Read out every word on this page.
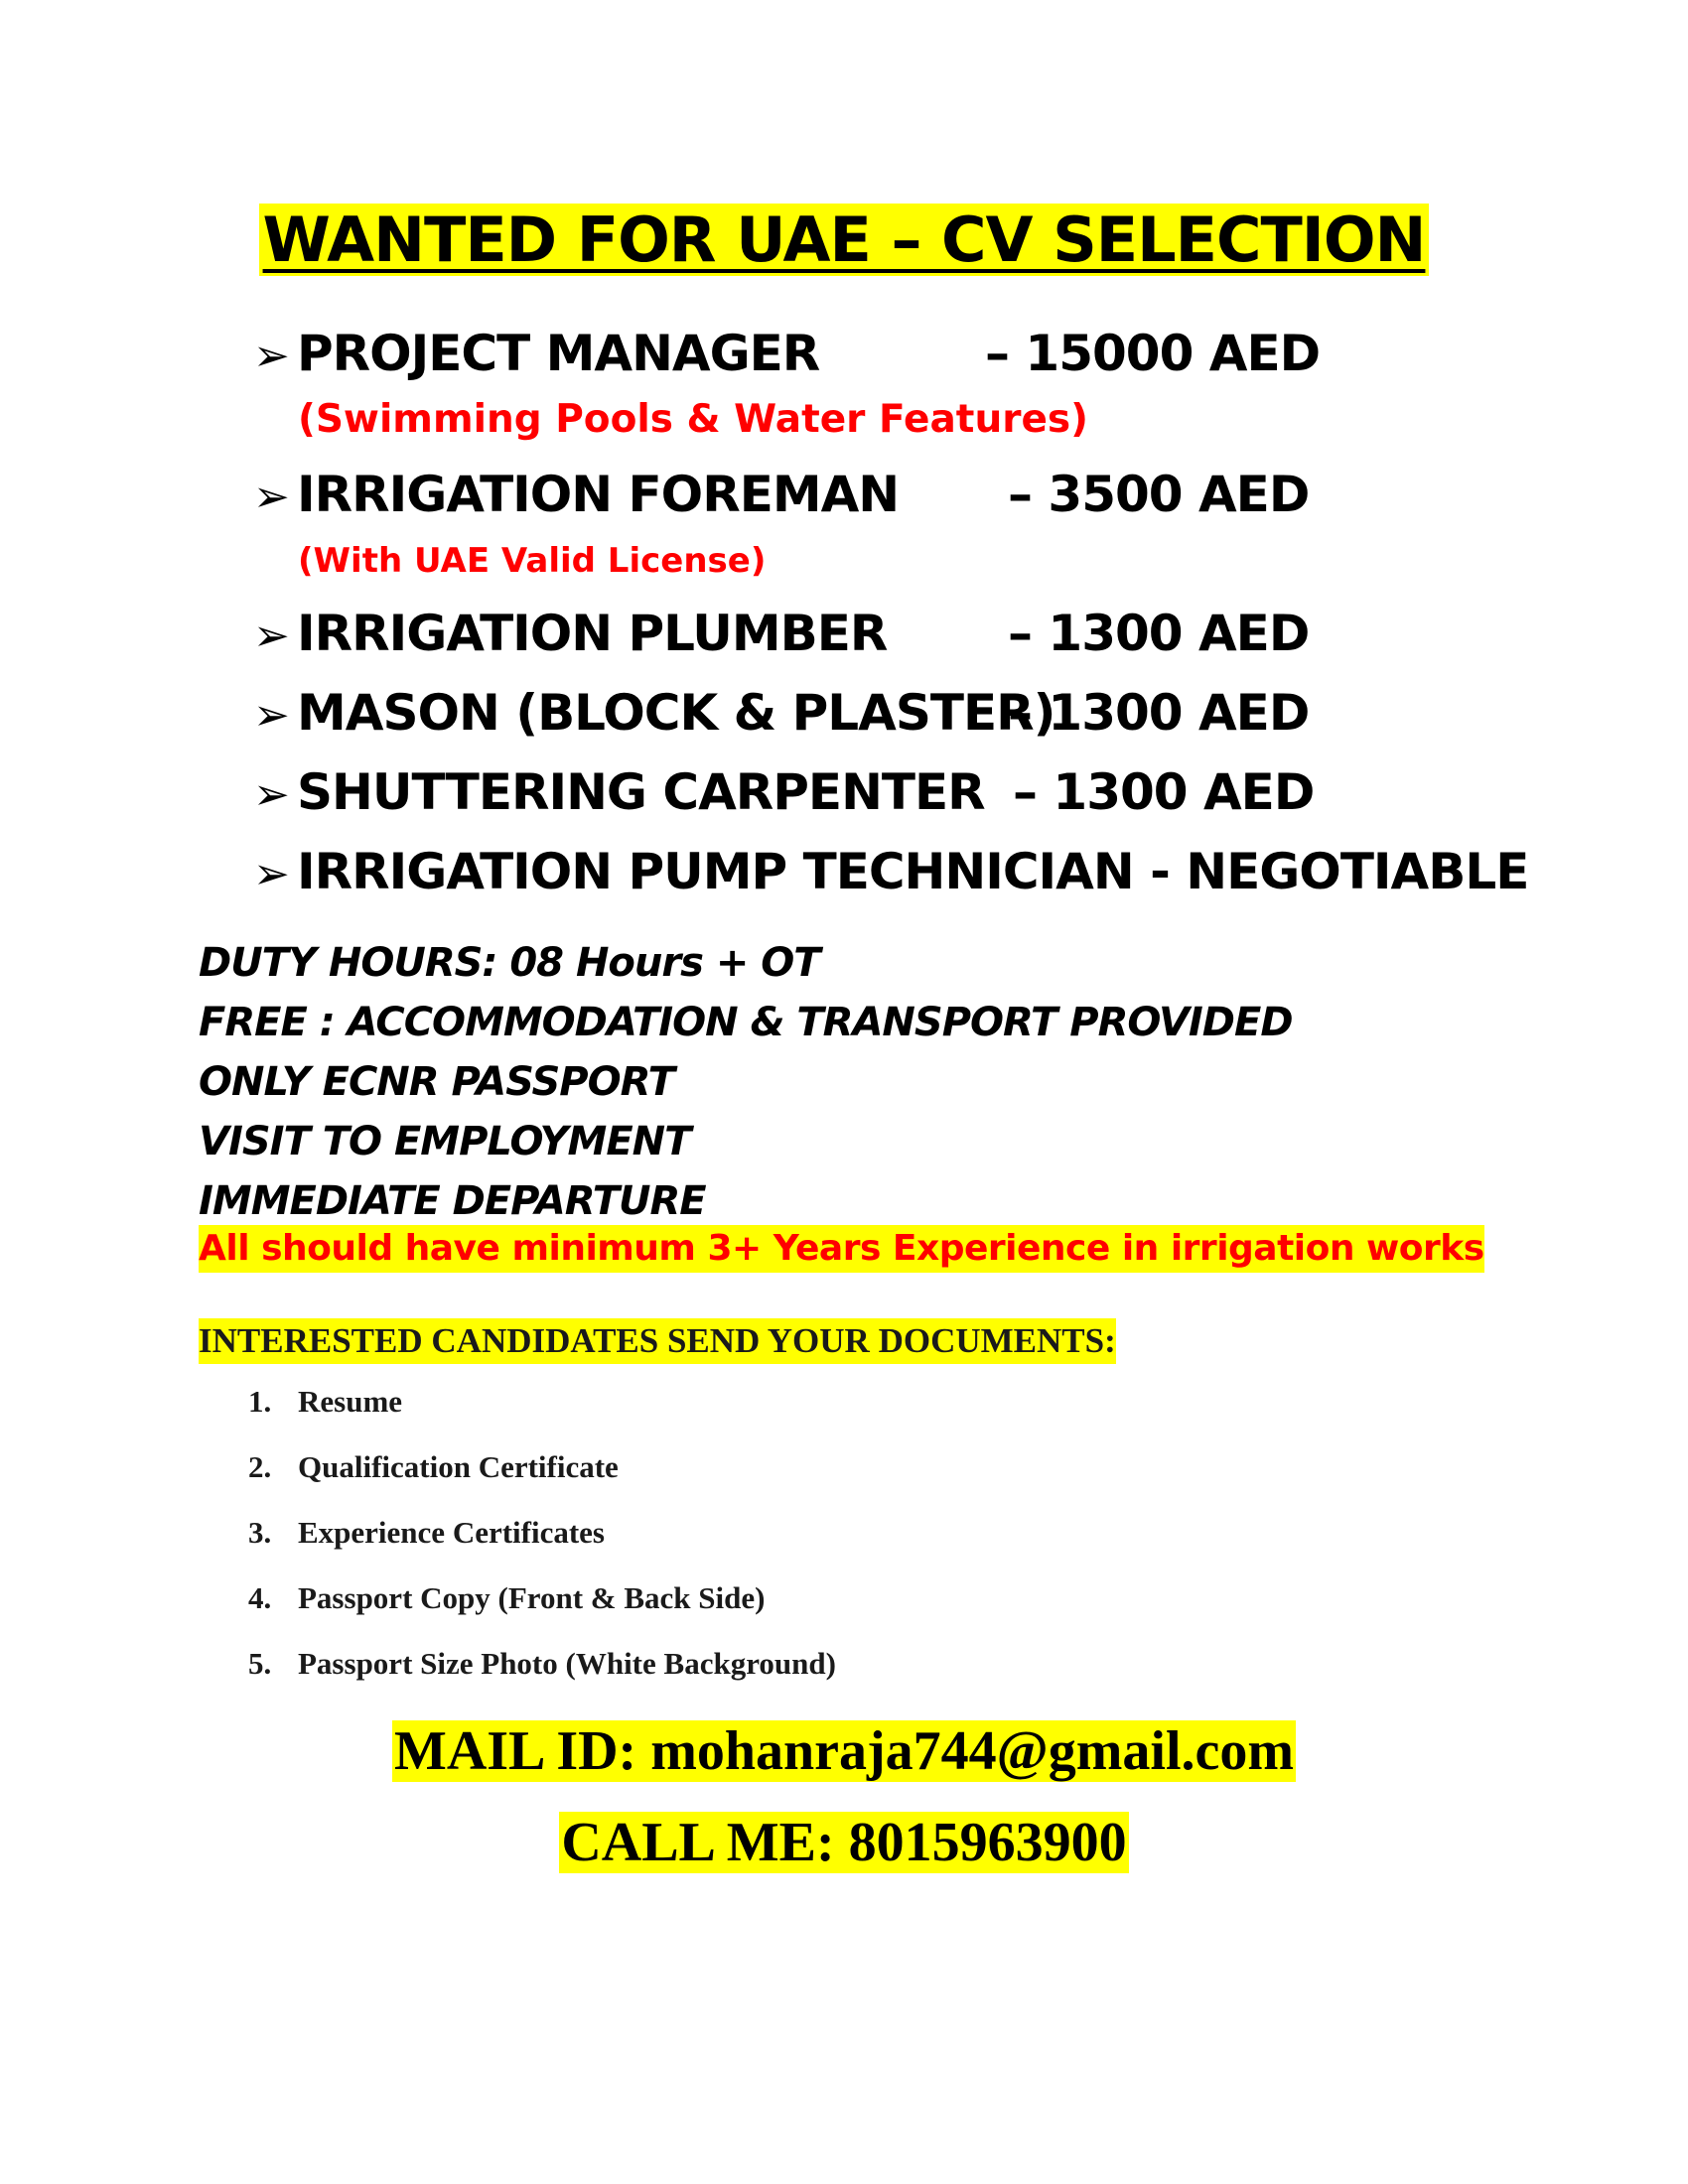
WANTED FOR UAE – CV SELECTION
➢ PROJECT MANAGER	– 15000 AED
(Swimming Pools & Water Features)
➢ IRRIGATION FOREMAN – 3500 AED
(With UAE Valid License)
➢ IRRIGATION PLUMBER – 1300 AED
➢ MASON (BLOCK & PLASTER)
– 1300 AED
➢ SHUTTERING CARPENTER – 1300 AED
➢ IRRIGATION PUMP TECHNICIAN - NEGOTIABLE
DUTY HOURS: 08 Hours + OT
FREE : ACCOMMODATION & TRANSPORT PROVIDED
ONLY ECNR PASSPORT
VISIT TO EMPLOYMENT
IMMEDIATE DEPARTURE
All should have minimum 3+ Years Experience in irrigation works
INTERESTED CANDIDATES SEND YOUR DOCUMENTS:
1. Resume
2. Qualification Certificate
3. Experience Certificates
4. Passport Copy (Front & Back Side)
5. Passport Size Photo (White Background)
MAIL ID: mohanraja744@gmail.com
CALL ME: 8015963900
